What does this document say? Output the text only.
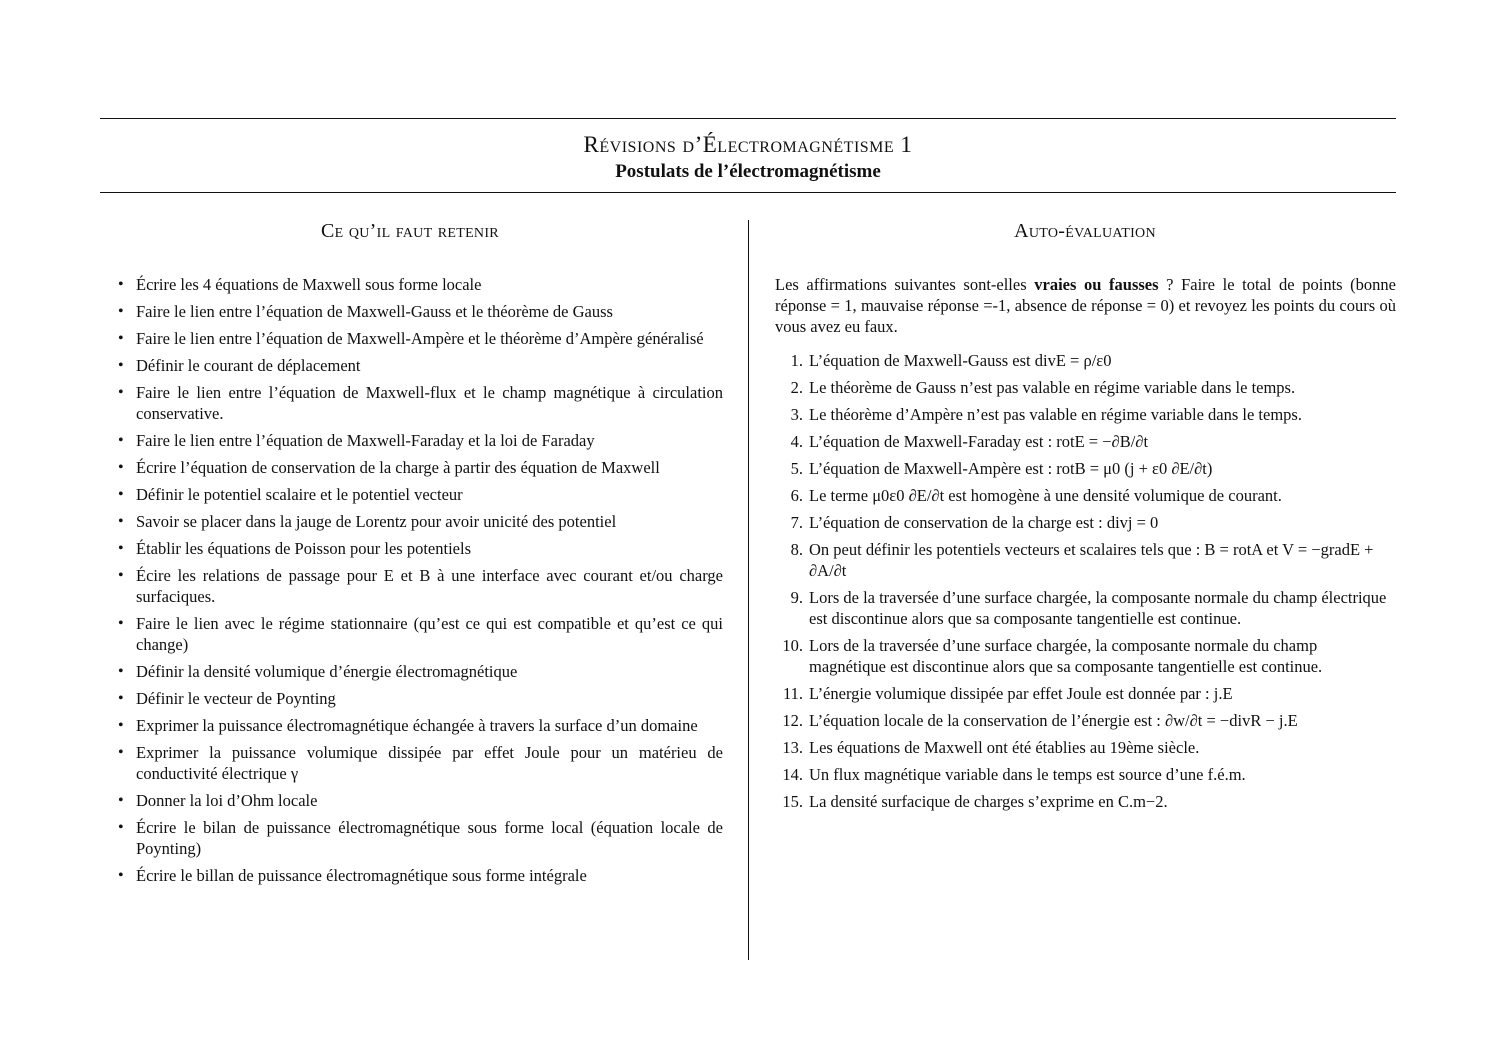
Révisions d’Électromagnétisme 1
Postulats de l’électromagnétisme
Ce qu’il faut retenir	Auto-évaluation
• Écrire les 4 équations de Maxwell sous forme locale
• Faire le lien entre l’équation de Maxwell-Gauss et le théorème de Gauss
• Faire le lien entre l’équation de Maxwell-Ampère et le théorème d’Ampère généralisé
• Définir le courant de déplacement
• Faire le lien entre l’équation de Maxwell-flux et le champ magnétique à circulation conservative.
• Faire le lien entre l’équation de Maxwell-Faraday et la loi de Faraday
• Écrire l’équation de conservation de la charge à partir des équation de Maxwell
• Définir le potentiel scalaire et le potentiel vecteur
• Savoir se placer dans la jauge de Lorentz pour avoir unicité des potentiel
• Établir les équations de Poisson pour les potentiels
• Écire les relations de passage pour E et B à une interface avec courant et/ou charge surfaciques.
• Faire le lien avec le régime stationnaire (qu’est ce qui est compatible et qu’est ce qui change)
• Définir la densité volumique d’énergie électromagnétique
• Définir le vecteur de Poynting
• Exprimer la puissance électromagnétique échangée à travers la surface d’un domaine
• Exprimer la puissance volumique dissipée par effet Joule pour un matérieu de conductivité électrique γ
• Donner la loi d’Ohm locale
• Écrire le bilan de puissance électromagnétique sous forme local (équation locale de Poynting)
• Écrire le billan de puissance électromagnétique sous forme intégrale

Les affirmations suivantes sont-elles vraies ou fausses ? Faire le total de points (bonne réponse = 1, mauvaise réponse =-1, absence de réponse = 0) et revoyez les points du cours où vous avez eu faux.

1. L’équation de Maxwell-Gauss est divE = ρ/ε0
2. Le théorème de Gauss n’est pas valable en régime variable dans le temps.
3. Le théorème d’Ampère n’est pas valable en régime variable dans le temps.
4. L’équation de Maxwell-Faraday est : rotE = −∂B/∂t
5. L’équation de Maxwell-Ampère est : rotB = μ0 (j + ε0 ∂E/∂t)
6. Le terme μ0ε0 ∂E/∂t est homogène à une densité volumique de courant.
7. L’équation de conservation de la charge est : divj = 0
8. On peut définir les potentiels vecteurs et scalaires tels que : B = rotA et V = −gradE + ∂A/∂t
9. Lors de la traversée d’une surface chargée, la composante normale du champ électrique est discontinue alors que sa composante tangentielle est continue.
10. Lors de la traversée d’une surface chargée, la composante normale du champ magnétique est discontinue alors que sa composante tangentielle est continue.
11. L’énergie volumique dissipée par effet Joule est donnée par : j.E
12. L’équation locale de la conservation de l’énergie est : ∂w/∂t = −divR − j.E
13. Les équations de Maxwell ont été établies au 19ème siècle.
14. Un flux magnétique variable dans le temps est source d’une f.é.m.
15. La densité surfacique de charges s’exprime en C.m−2.
